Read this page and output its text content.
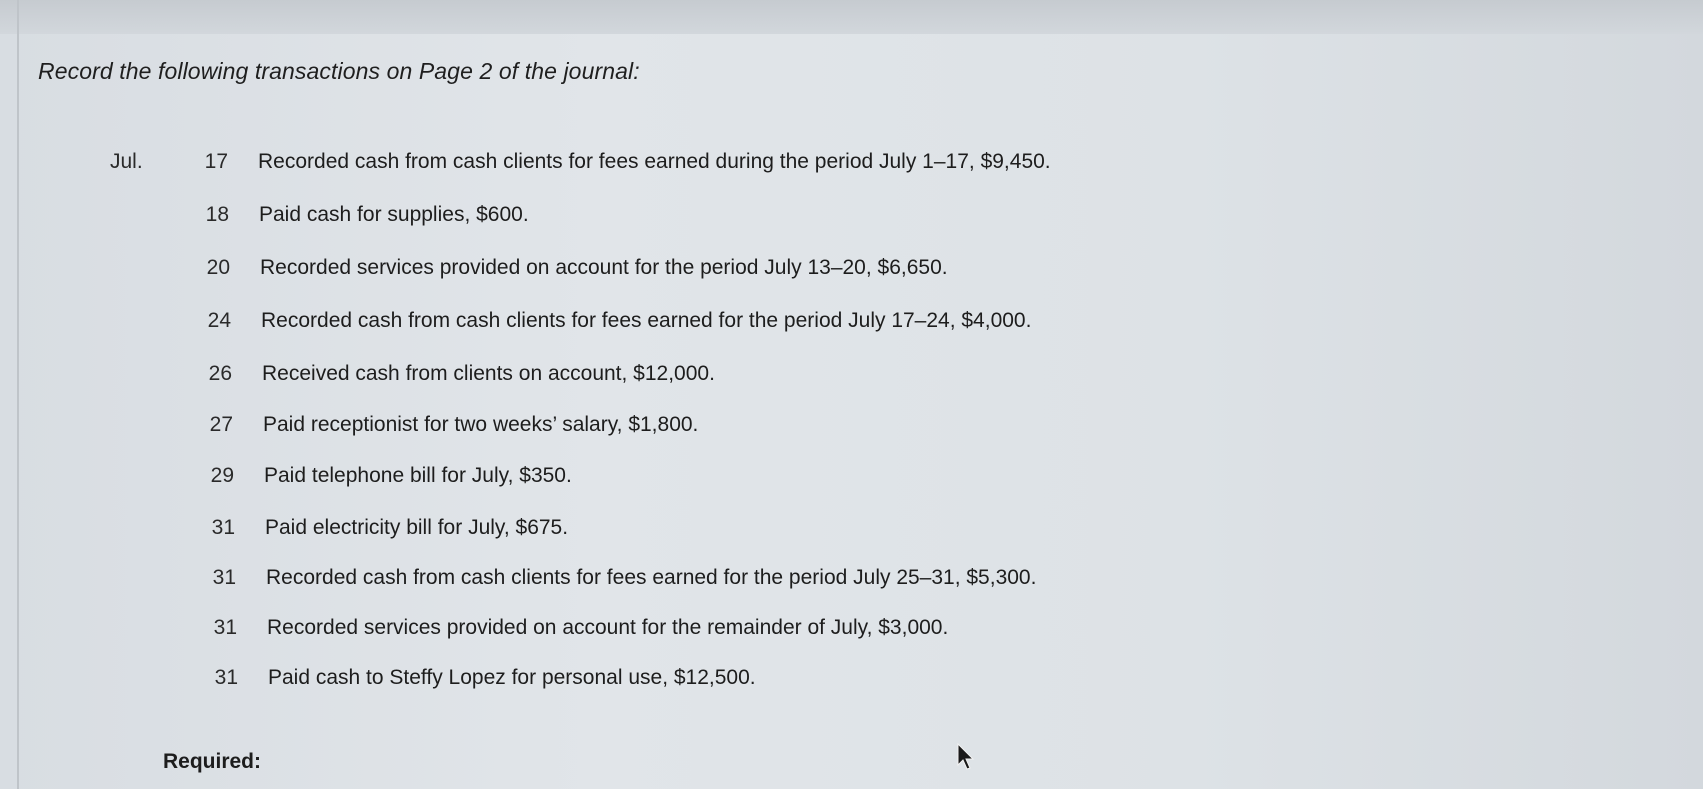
Record the following transactions on Page 2 of the journal:

Jul.	17 Recorded cash from cash clients for fees earned during the period July 1–17, $9,450.
18 Paid cash for supplies, $600.
20 Recorded services provided on account for the period July 13–20, $6,650.
24 Recorded cash from cash clients for fees earned for the period July 17–24, $4,000.
26 Received cash from clients on account, $12,000.
27 Paid receptionist for two weeks’ salary, $1,800.
29 Paid telephone bill for July, $350.
31 Paid electricity bill for July, $675.
31 Recorded cash from cash clients for fees earned for the period July 25–31, $5,300.
31 Recorded services provided on account for the remainder of July, $3,000.
31 Paid cash to Steffy Lopez for personal use, $12,500.
Required:
